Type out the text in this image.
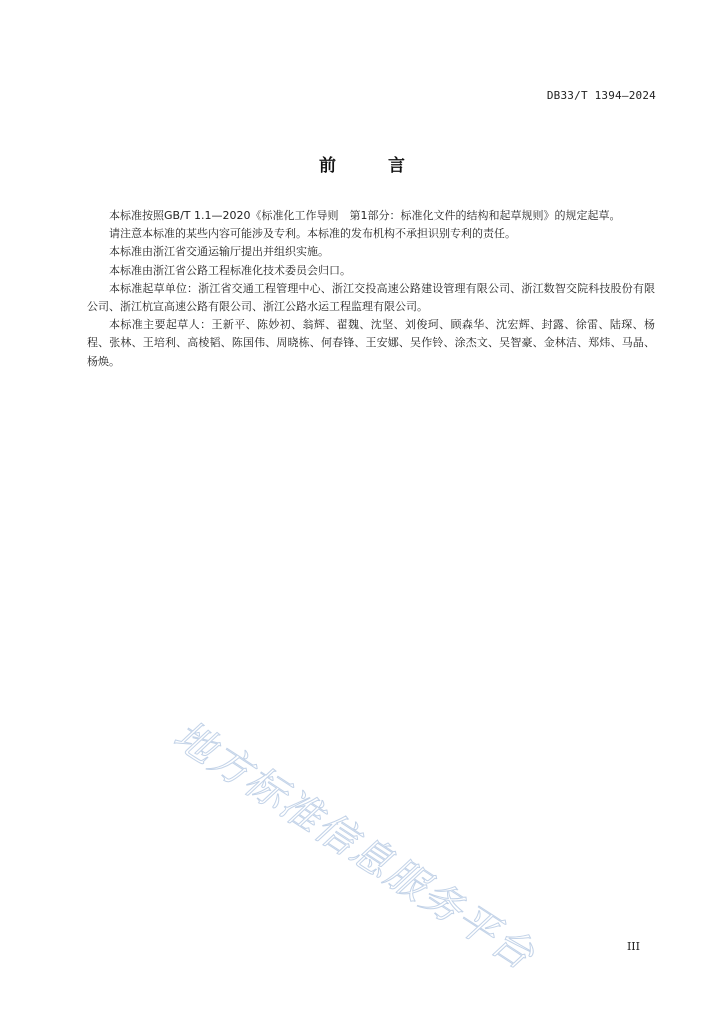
DB33/T 1394—2024
前	言

本标准按照GB/T 1.1—2020《标准化工作导则　第1部分：标准化文件的结构和起草规则》的规定起草。

请注意本标准的某些内容可能涉及专利。本标准的发布机构不承担识别专利的责任。

本标准由浙江省交通运输厅提出并组织实施。

本标准由浙江省公路工程标准化技术委员会归口。

本标准起草单位：浙江省交通工程管理中心、浙江交投高速公路建设管理有限公司、浙江数智交院科技股份有限公司、浙江杭宣高速公路有限公司、浙江公路水运工程监理有限公司。

本标准主要起草人：王新平、陈妙初、翁辉、翟魏、沈坚、刘俊珂、顾森华、沈宏辉、封露、徐雷、陆琛、杨程、张林、王培利、高棱韬、陈国伟、周晓栋、何春锋、王安娜、吴作铃、涂杰文、吴智豪、金林洁、郑炜、马晶、杨焕。

地方标准信息服务平台	III
